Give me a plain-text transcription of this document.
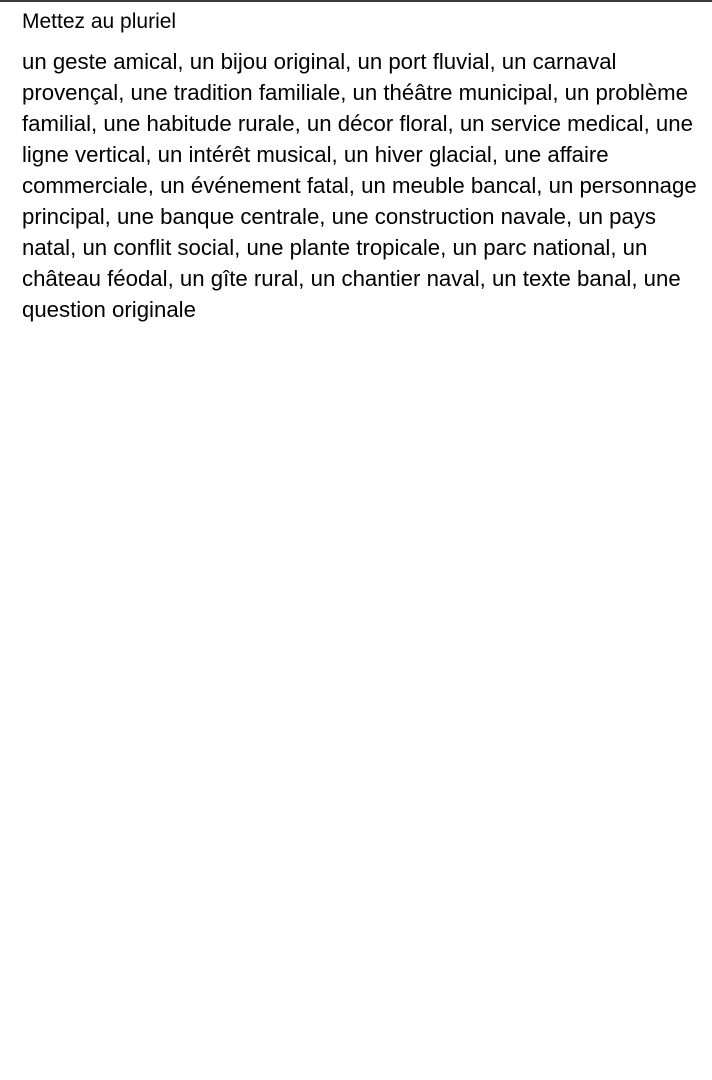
Mettez au pluriel

un geste amical, un bijou original, un port fluvial, un carnaval provençal, une tradition familiale, un théâtre municipal, un problème familial, une habitude rurale, un décor floral, un service medical, une ligne vertical, un intérêt musical, un hiver glacial, une affaire commerciale, un événement fatal, un meuble bancal, un personnage principal, une banque centrale, une construction navale, un pays natal, un conflit social, une plante tropicale, un parc national, un château féodal, un gîte rural, un chantier naval, un texte banal, une question originale
